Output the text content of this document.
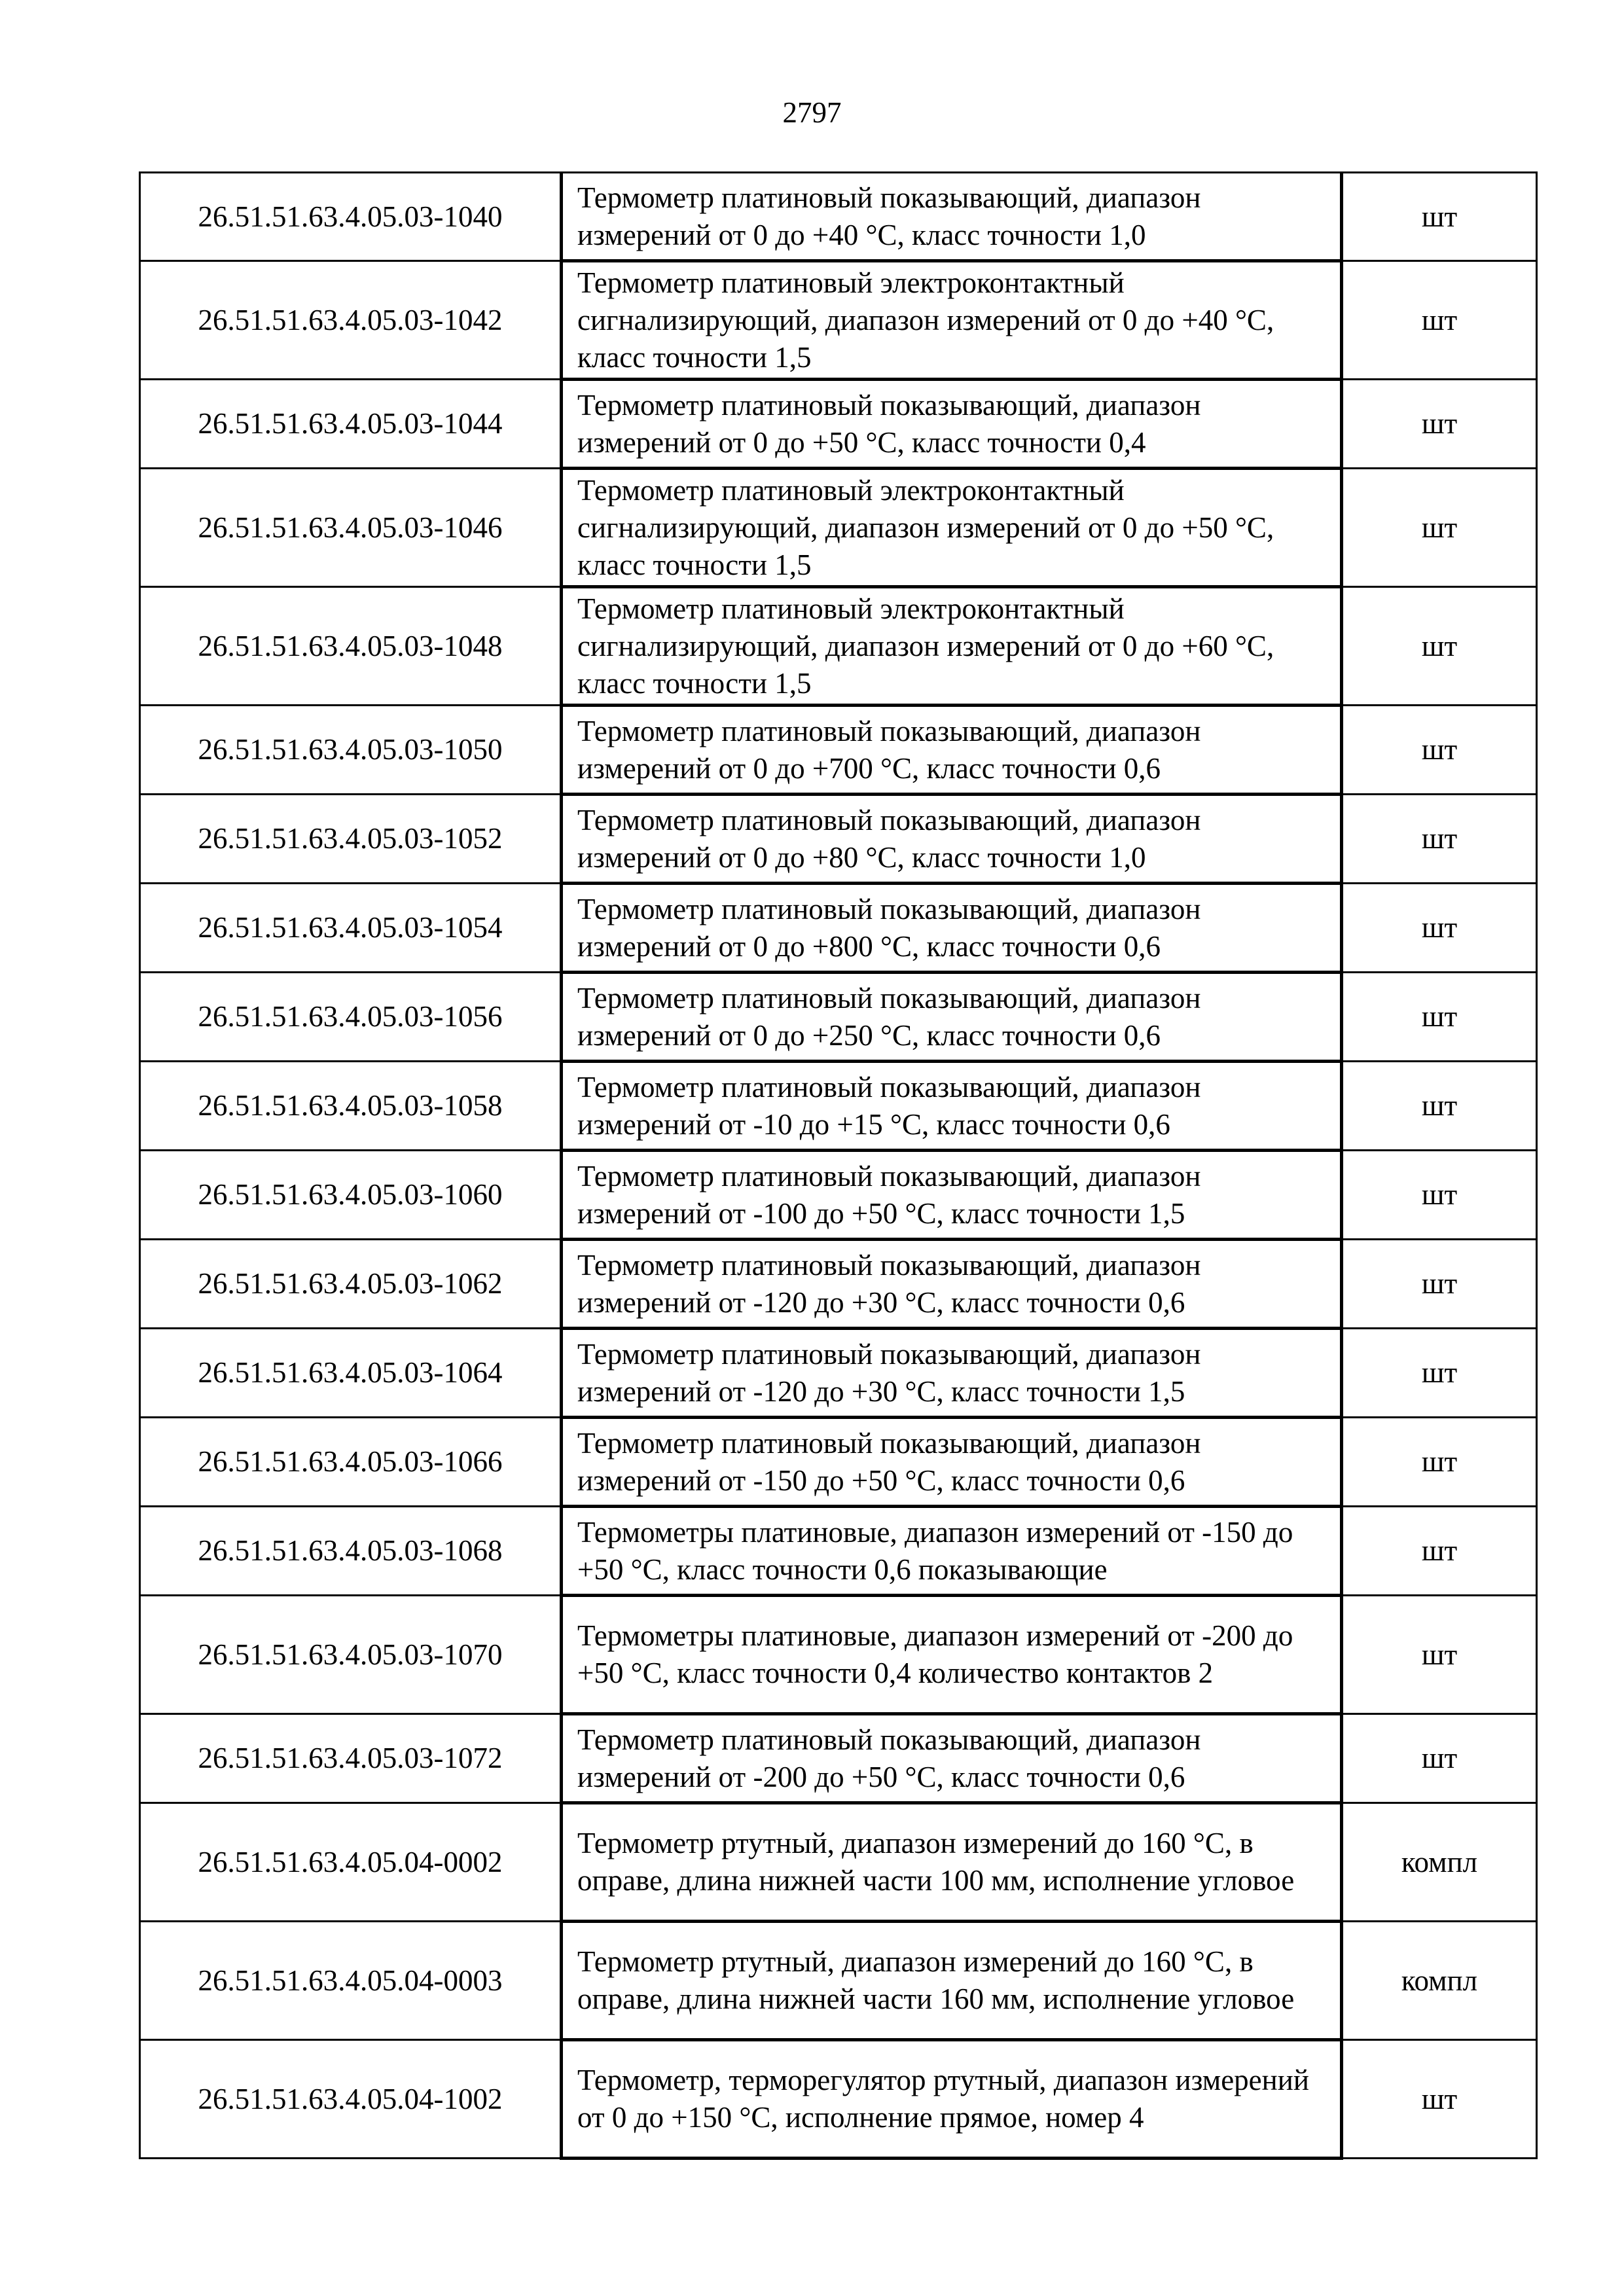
2797
26.51.51.63.4.05.03-1040	Термометр платиновый показывающий, диапазон измерений от 0 до +40 °С, класс точности 1,0	шт
26.51.51.63.4.05.03-1042	Термометр платиновый электроконтактный сигнализирующий, диапазон измерений от 0 до +40 °С, класс точности 1,5	шт
26.51.51.63.4.05.03-1044	Термометр платиновый показывающий, диапазон измерений от 0 до +50 °С, класс точности 0,4	шт
26.51.51.63.4.05.03-1046	Термометр платиновый электроконтактный сигнализирующий, диапазон измерений от 0 до +50 °С, класс точности 1,5	шт
26.51.51.63.4.05.03-1048	Термометр платиновый электроконтактный сигнализирующий, диапазон измерений от 0 до +60 °С, класс точности 1,5	шт
26.51.51.63.4.05.03-1050	Термометр платиновый показывающий, диапазон измерений от 0 до +700 °С, класс точности 0,6	шт
26.51.51.63.4.05.03-1052	Термометр платиновый показывающий, диапазон измерений от 0 до +80 °С, класс точности 1,0	шт
26.51.51.63.4.05.03-1054	Термометр платиновый показывающий, диапазон измерений от 0 до +800 °С, класс точности 0,6	шт
26.51.51.63.4.05.03-1056	Термометр платиновый показывающий, диапазон измерений от 0 до +250 °С, класс точности 0,6	шт
26.51.51.63.4.05.03-1058	Термометр платиновый показывающий, диапазон измерений от -10 до +15 °С, класс точности 0,6	шт
26.51.51.63.4.05.03-1060	Термометр платиновый показывающий, диапазон измерений от -100 до +50 °С, класс точности 1,5	шт
26.51.51.63.4.05.03-1062	Термометр платиновый показывающий, диапазон измерений от -120 до +30 °С, класс точности 0,6	шт
26.51.51.63.4.05.03-1064	Термометр платиновый показывающий, диапазон измерений от -120 до +30 °С, класс точности 1,5	шт
26.51.51.63.4.05.03-1066	Термометр платиновый показывающий, диапазон измерений от -150 до +50 °С, класс точности 0,6	шт
26.51.51.63.4.05.03-1068	Термометры платиновые, диапазон измерений от -150 до +50 °С, класс точности 0,6 показывающие	шт
26.51.51.63.4.05.03-1070	Термометры платиновые, диапазон измерений от -200 до +50 °С, класс точности 0,4 количество контактов 2	шт
26.51.51.63.4.05.03-1072	Термометр платиновый показывающий, диапазон измерений от -200 до +50 °С, класс точности 0,6	шт
26.51.51.63.4.05.04-0002	Термометр ртутный, диапазон измерений до 160 °С, в оправе, длина нижней части 100 мм, исполнение угловое	компл
26.51.51.63.4.05.04-0003	Термометр ртутный, диапазон измерений до 160 °С, в оправе, длина нижней части 160 мм, исполнение угловое	компл
26.51.51.63.4.05.04-1002	Термометр, терморегулятор ртутный, диапазон измерений от 0 до +150 °С, исполнение прямое, номер 4	шт
